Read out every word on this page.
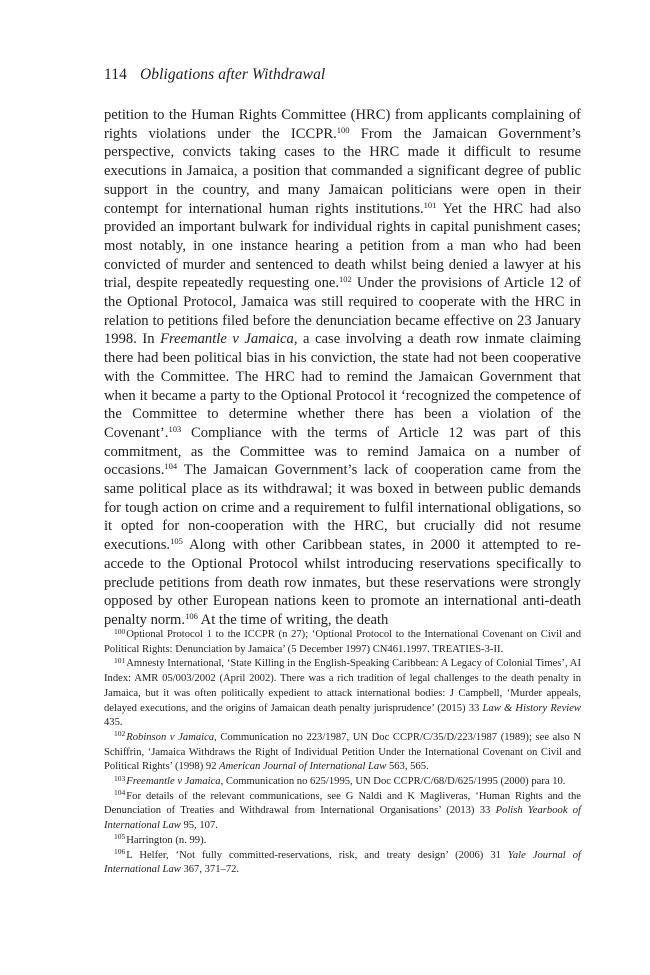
114 Obligations after Withdrawal

petition to the Human Rights Committee (HRC) from applicants complaining of rights violations under the ICCPR.$^{100}$ From the Jamaican Government’s perspective, convicts taking cases to the HRC made it difficult to resume executions in Jamaica, a position that commanded a significant degree of public support in the country, and many Jamaican politicians were open in their contempt for international human rights institutions.$^{101}$ Yet the HRC had also provided an important bulwark for individual rights in capital punishment cases; most notably, in one instance hearing a petition from a man who had been convicted of murder and sentenced to death whilst being denied a lawyer at his trial, despite repeatedly requesting one.$^{102}$ Under the provisions of Article 12 of the Optional Protocol, Jamaica was still required to cooperate with the HRC in relation to petitions filed before the denunciation became effective on 23 January 1998. In Freemantle v Jamaica, a case involving a death row inmate claiming there had been political bias in his conviction, the state had not been cooperative with the Committee. The HRC had to remind the Jamaican Government that when it became a party to the Optional Protocol it ‘recognized the competence of the Committee to determine whether there has been a violation of the Covenant’.$^{103}$ Compliance with the terms of Article 12 was part of this commitment, as the Committee was to remind Jamaica on a number of occasions.$^{104}$ The Jamaican Government’s lack of cooperation came from the same political place as its withdrawal; it was boxed in between public demands for tough action on crime and a requirement to fulfil international obligations, so it opted for non-cooperation with the HRC, but crucially did not resume executions.$^{105}$ Along with other Caribbean states, in 2000 it attempted to re-accede to the Optional Protocol whilst introducing reservations specifically to preclude petitions from death row inmates, but these reservations were strongly opposed by other European nations keen to promote an international anti-death penalty norm.$^{106}$ At the time of writing, the death

$^{100}$Optional Protocol 1 to the ICCPR (n 27); ‘Optional Protocol to the International Covenant on Civil and Political Rights: Denunciation by Jamaica’ (5 December 1997) CN461.1997. TREATIES-3-II.

$^{101}$Amnesty International, ‘State Killing in the English-Speaking Caribbean: A Legacy of Colonial Times’, AI Index: AMR 05/003/2002 (April 2002). There was a rich tradition of legal challenges to the death penalty in Jamaica, but it was often politically expedient to attack international bodies: J Campbell, ‘Murder appeals, delayed executions, and the origins of Jamaican death penalty jurisprudence’ (2015) 33 Law & History Review 435.

$^{102}$Robinson v Jamaica, Communication no 223/1987, UN Doc CCPR/C/35/D/223/1987 (1989); see also N Schiffrin, ‘Jamaica Withdraws the Right of Individual Petition Under the International Covenant on Civil and Political Rights’ (1998) 92 American Journal of International Law 563, 565.

$^{103}$Freemantle v Jamaica, Communication no 625/1995, UN Doc CCPR/C/68/D/625/1995 (2000) para 10.

$^{104}$For details of the relevant communications, see G Naldi and K Magliveras, ‘Human Rights and the Denunciation of Treaties and Withdrawal from International Organisations’ (2013) 33 Polish Yearbook of International Law 95, 107.

$^{105}$Harrington (n. 99).

$^{106}$L Helfer, ‘Not fully committed-reservations, risk, and treaty design’ (2006) 31 Yale Journal of International Law 367, 371–72.
